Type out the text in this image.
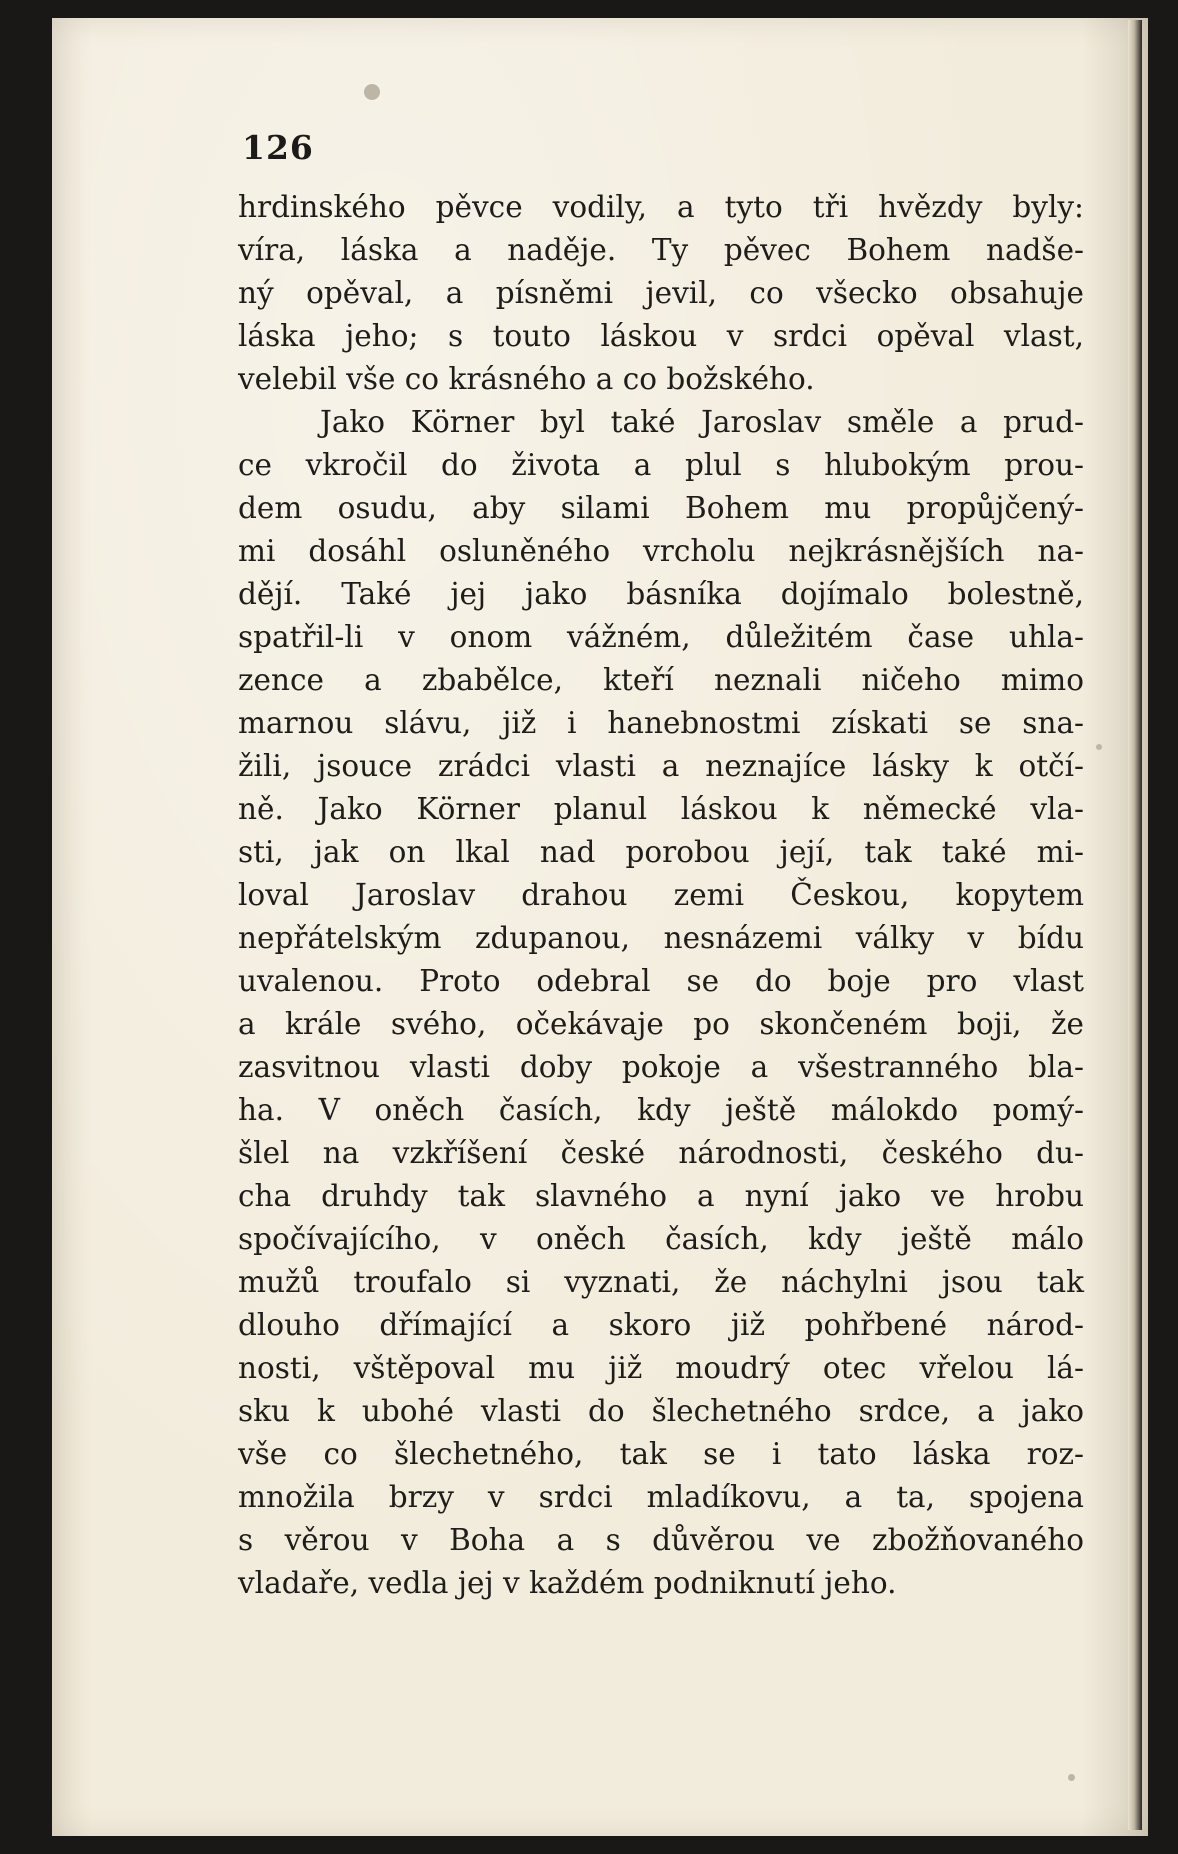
126
hrdinského pěvce vodily, a tyto tři hvězdy byly:
víra, láska a naděje. Ty pěvec Bohem nadše-
ný opěval, a písněmi jevil, co všecko obsahuje
láska jeho; s touto láskou v srdci opěval vlast,
velebil vše co krásného a co božského.
Jako Körner byl také Jaroslav směle a prud-
ce vkročil do života a plul s hlubokým prou-
dem osudu, aby silami Bohem mu propůjčený-
mi dosáhl osluněného vrcholu nejkrásnějších na-
dějí. Také jej jako básníka dojímalo bolestně,
spatřil-li v onom vážném, důležitém čase uhla-
zence a zbabělce, kteří neznali ničeho mimo
marnou slávu, již i hanebnostmi získati se sna-
žili, jsouce zrádci vlasti a neznajíce lásky k otčí-
ně. Jako Körner planul láskou k německé vla-
sti, jak on lkal nad porobou její, tak také mi-
loval Jaroslav drahou zemi Českou, kopytem
nepřátelským zdupanou, nesnázemi války v bídu
uvalenou. Proto odebral se do boje pro vlast
a krále svého, očekávaje po skončeném boji, že
zasvitnou vlasti doby pokoje a všestranného bla-
ha. V oněch časích, kdy ještě málokdo pomý-
šlel na vzkříšení české národnosti, českého du-
cha druhdy tak slavného a nyní jako ve hrobu
spočívajícího, v oněch časích, kdy ještě málo
mužů troufalo si vyznati, že náchylni jsou tak
dlouho dřímající a skoro již pohřbené národ-
nosti, vštěpoval mu již moudrý otec vřelou lá-
sku k ubohé vlasti do šlechetného srdce, a jako
vše co šlechetného, tak se i tato láska roz-
množila brzy v srdci mladíkovu, a ta, spojena
s věrou v Boha a s důvěrou ve zbožňovaného
vladaře, vedla jej v každém podniknutí jeho.
